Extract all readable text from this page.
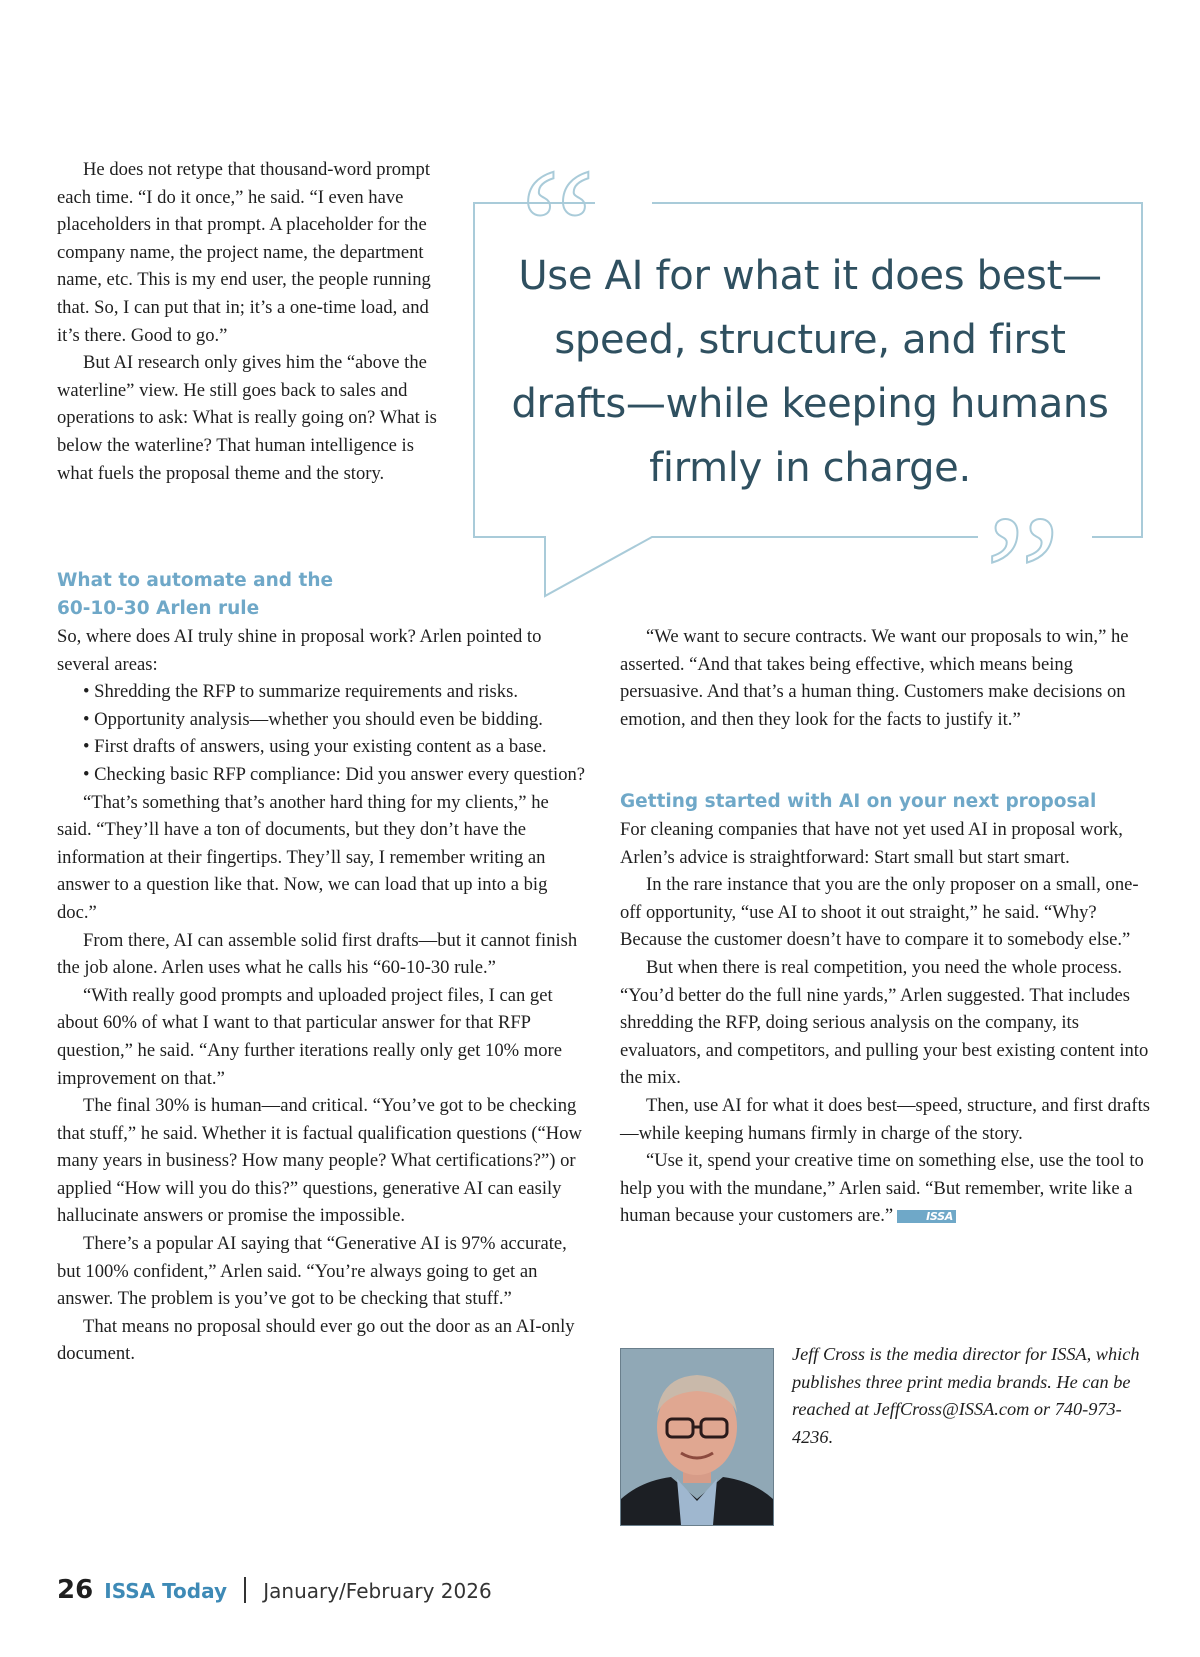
He does not retype that thousand-word prompt each time. “I do it once,” he said. “I even have placeholders in that prompt. A placeholder for the company name, the project name, the department name, etc. This is my end user, the people running that. So, I can put that in; it’s a one-time load, and it’s there. Good to go.”

But AI research only gives him the “above the waterline” view. He still goes back to sales and operations to ask: What is really going on? What is below the waterline? That human intelligence is what fuels the proposal theme and the story.

“
”
Use AI for what it does best—
speed, structure, and first
drafts—while keeping humans
firmly in charge.

What to automate and the

60-10-30 Arlen rule

So, where does AI truly shine in proposal work? Arlen pointed to several areas:

• Shredding the RFP to summarize requirements and risks.

• Opportunity analysis—whether you should even be bidding.

• First drafts of answers, using your existing content as a base.

• Checking basic RFP compliance: Did you answer every question?

“That’s something that’s another hard thing for my clients,” he said. “They’ll have a ton of documents, but they don’t have the information at their fingertips. They’ll say, I remember writing an answer to a question like that. Now, we can load that up into a big doc.”

From there, AI can assemble solid first drafts—but it cannot finish the job alone. Arlen uses what he calls his “60-10-30 rule.”

“With really good prompts and uploaded project files, I can get about 60% of what I want to that particular answer for that RFP question,” he said. “Any further iterations really only get 10% more improvement on that.”

The final 30% is human—and critical. “You’ve got to be checking that stuff,” he said. Whether it is factual qualification questions (“How many years in business? How many people? What certifications?”) or applied “How will you do this?” questions, generative AI can easily hallucinate answers or promise the impossible.

There’s a popular AI saying that “Generative AI is 97% accurate, but 100% confident,” Arlen said. “You’re always going to get an answer. The problem is you’ve got to be checking that stuff.”

That means no proposal should ever go out the door as an AI-only document.

“We want to secure contracts. We want our proposals to win,” he asserted. “And that takes being effective, which means being persuasive. And that’s a human thing. Customers make decisions on emotion, and then they look for the facts to justify it.”

Getting started with AI on your next proposal

For cleaning companies that have not yet used AI in proposal work, Arlen’s advice is straightforward: Start small but start smart.

In the rare instance that you are the only proposer on a small, one-off opportunity, “use AI to shoot it out straight,” he said. “Why? Because the customer doesn’t have to compare it to somebody else.”

But when there is real competition, you need the whole process. “You’d better do the full nine yards,” Arlen suggested. That includes shredding the RFP, doing serious analysis on the company, its evaluators, and competitors, and pulling your best existing content into the mix.

Then, use AI for what it does best—speed, structure, and first drafts—while keeping humans firmly in charge of the story.

“Use it, spend your creative time on something else, use the tool to help you with the mundane,” Arlen said. “But remember, write like a human because your customers are.”	ISSA

Jeff Cross is the media director for ISSA, which publishes three print media brands. He can be reached at JeffCross@ISSA.com or 740-973-4236.

26 ISSA Today January/February 2026
